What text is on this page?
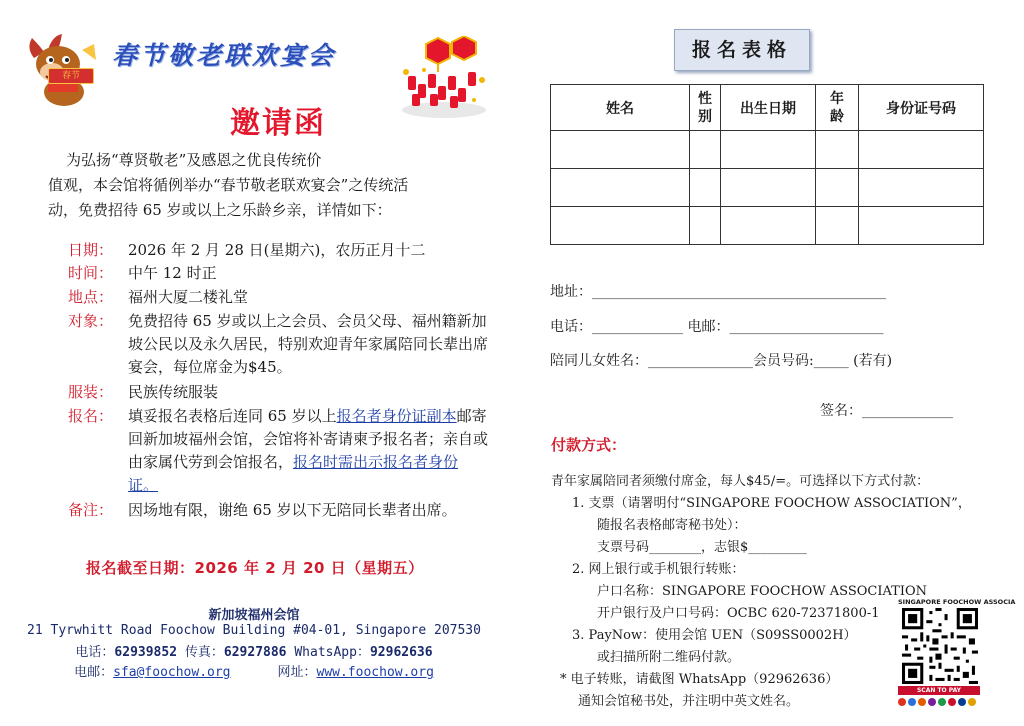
春节
春节敬老联欢宴会
邀请函
为弘扬“尊贤敬老”及感恩之优良传统价
值观，本会馆将循例举办“春节敬老联欢宴会”之传统活
动，免费招待 65 岁或以上之乐龄乡亲，详情如下：
日期： 2026 年 2 月 28 日(星期六)，农历正月十二
时间： 中午 12 时正
地点： 福州大厦二楼礼堂
对象： 免费招待 65 岁或以上之会员、会员父母、福州籍新加坡公民以及永久居民，特别欢迎青年家属陪同长辈出席宴会，每位席金为$45。
服装： 民族传统服装
报名： 填妥报名表格后连同 65 岁以上报名者身份证副本邮寄回新加坡福州会馆，会馆将补寄请柬予报名者；亲自或由家属代劳到会馆报名，报名时需出示报名者身份证。
备注： 因场地有限，谢绝 65 岁以下无陪同长辈者出席。
报名截至日期：2026 年 2 月 20 日（星期五）
新加坡福州会馆
21 Tyrwhitt Road Foochow Building #04-01, Singapore 207530
电话：62939852 传真：62927886 WhatsApp：92962636
电邮：sfa@foochow.org	网址：www.foochow.org
报名表格
姓名	性别	出生日期	年龄	身份证号码

地址：__________________________________________
电话：_____________ 电邮：______________________
陪同儿女姓名：_______________会员号码:_____ (若有)
签名：_____________
付款方式：
青年家属陪同者须缴付席金，每人$45/=。可选择以下方式付款：
1. 支票（请署明付“SINGAPORE FOOCHOW ASSOCIATION”，
随报名表格邮寄秘书处）：
支票号码________，志银$_________
2. 网上银行或手机银行转账：
户口名称：SINGAPORE FOOCHOW ASSOCIATION
开户银行及户口号码：OCBC 620-72371800-1
3. PayNow：使用会馆 UEN（S09SS0002H）
或扫描所附二维码付款。
* 电子转账，请截图 WhatsApp（92962636）
通知会馆秘书处，并注明中英文姓名。
SINGAPORE FOOCHOW ASSOCIA
SCAN TO PAY
